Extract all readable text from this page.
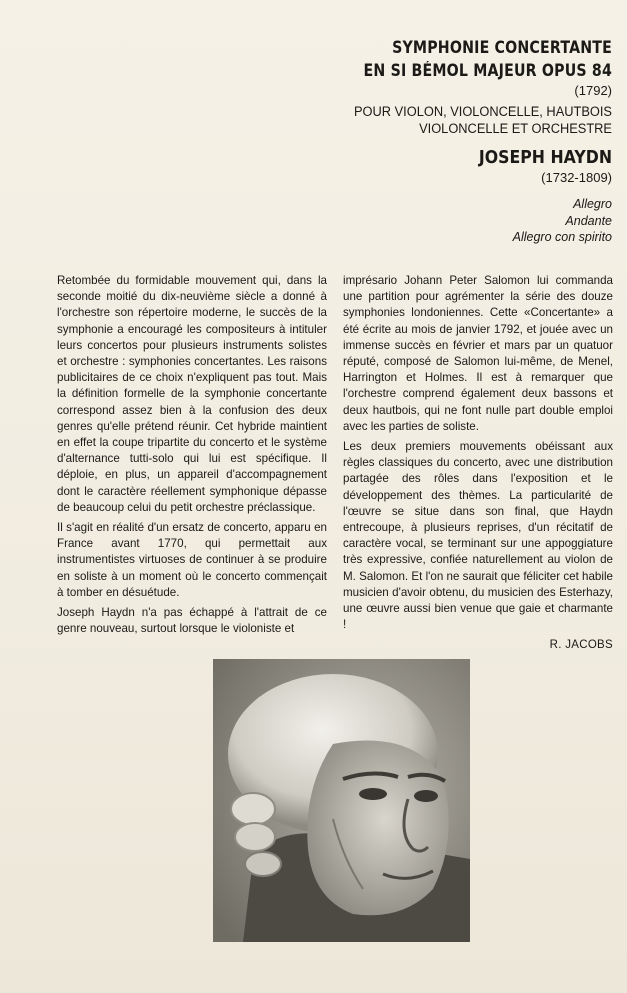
SYMPHONIE CONCERTANTE
EN SI BÉMOL MAJEUR OPUS 84
(1792)
POUR VIOLON, VIOLONCELLE, HAUTBOIS
VIOLONCELLE ET ORCHESTRE
JOSEPH HAYDN
(1732-1809)
Allegro
Andante
Allegro con spirito

Retombée du formidable mouvement qui, dans la seconde moitié du dix-neuvième siècle a donné à l'orchestre son répertoire moderne, le succès de la symphonie a encouragé les compositeurs à intituler leurs concertos pour plusieurs instruments solistes et orchestre : symphonies concertantes. Les raisons publicitaires de ce choix n'expliquent pas tout. Mais la définition formelle de la symphonie concertante correspond assez bien à la confusion des deux genres qu'elle prétend réunir. Cet hybride maintient en effet la coupe tripartite du concerto et le système d'alternance tutti-solo qui lui est spécifique. Il déploie, en plus, un appareil d'accompagnement dont le caractère réellement symphonique dépasse de beaucoup celui du petit orchestre préclassique.

Il s'agit en réalité d'un ersatz de concerto, apparu en France avant 1770, qui permettait aux instrumentistes virtuoses de continuer à se produire en soliste à un moment où le concerto commençait à tomber en désuétude.

Joseph Haydn n'a pas échappé à l'attrait de ce genre nouveau, surtout lorsque le violoniste et

imprésario Johann Peter Salomon lui commanda une partition pour agrémenter la série des douze symphonies londoniennes. Cette «Concertante» a été écrite au mois de janvier 1792, et jouée avec un immense succès en février et mars par un quatuor réputé, composé de Salomon lui-même, de Menel, Harrington et Holmes. Il est à remarquer que l'orchestre comprend également deux bassons et deux hautbois, qui ne font nulle part double emploi avec les parties de soliste.

Les deux premiers mouvements obéissant aux règles classiques du concerto, avec une distribution partagée des rôles dans l'exposition et le développement des thèmes. La particularité de l'œuvre se situe dans son final, que Haydn entrecoupe, à plusieurs reprises, d'un récitatif de caractère vocal, se terminant sur une appoggiature très expressive, confiée naturellement au violon de M. Salomon. Et l'on ne saurait que féliciter cet habile musicien d'avoir obtenu, du musicien des Esterhazy, une œuvre aussi bien venue que gaie et charmante !

R. JACOBS
